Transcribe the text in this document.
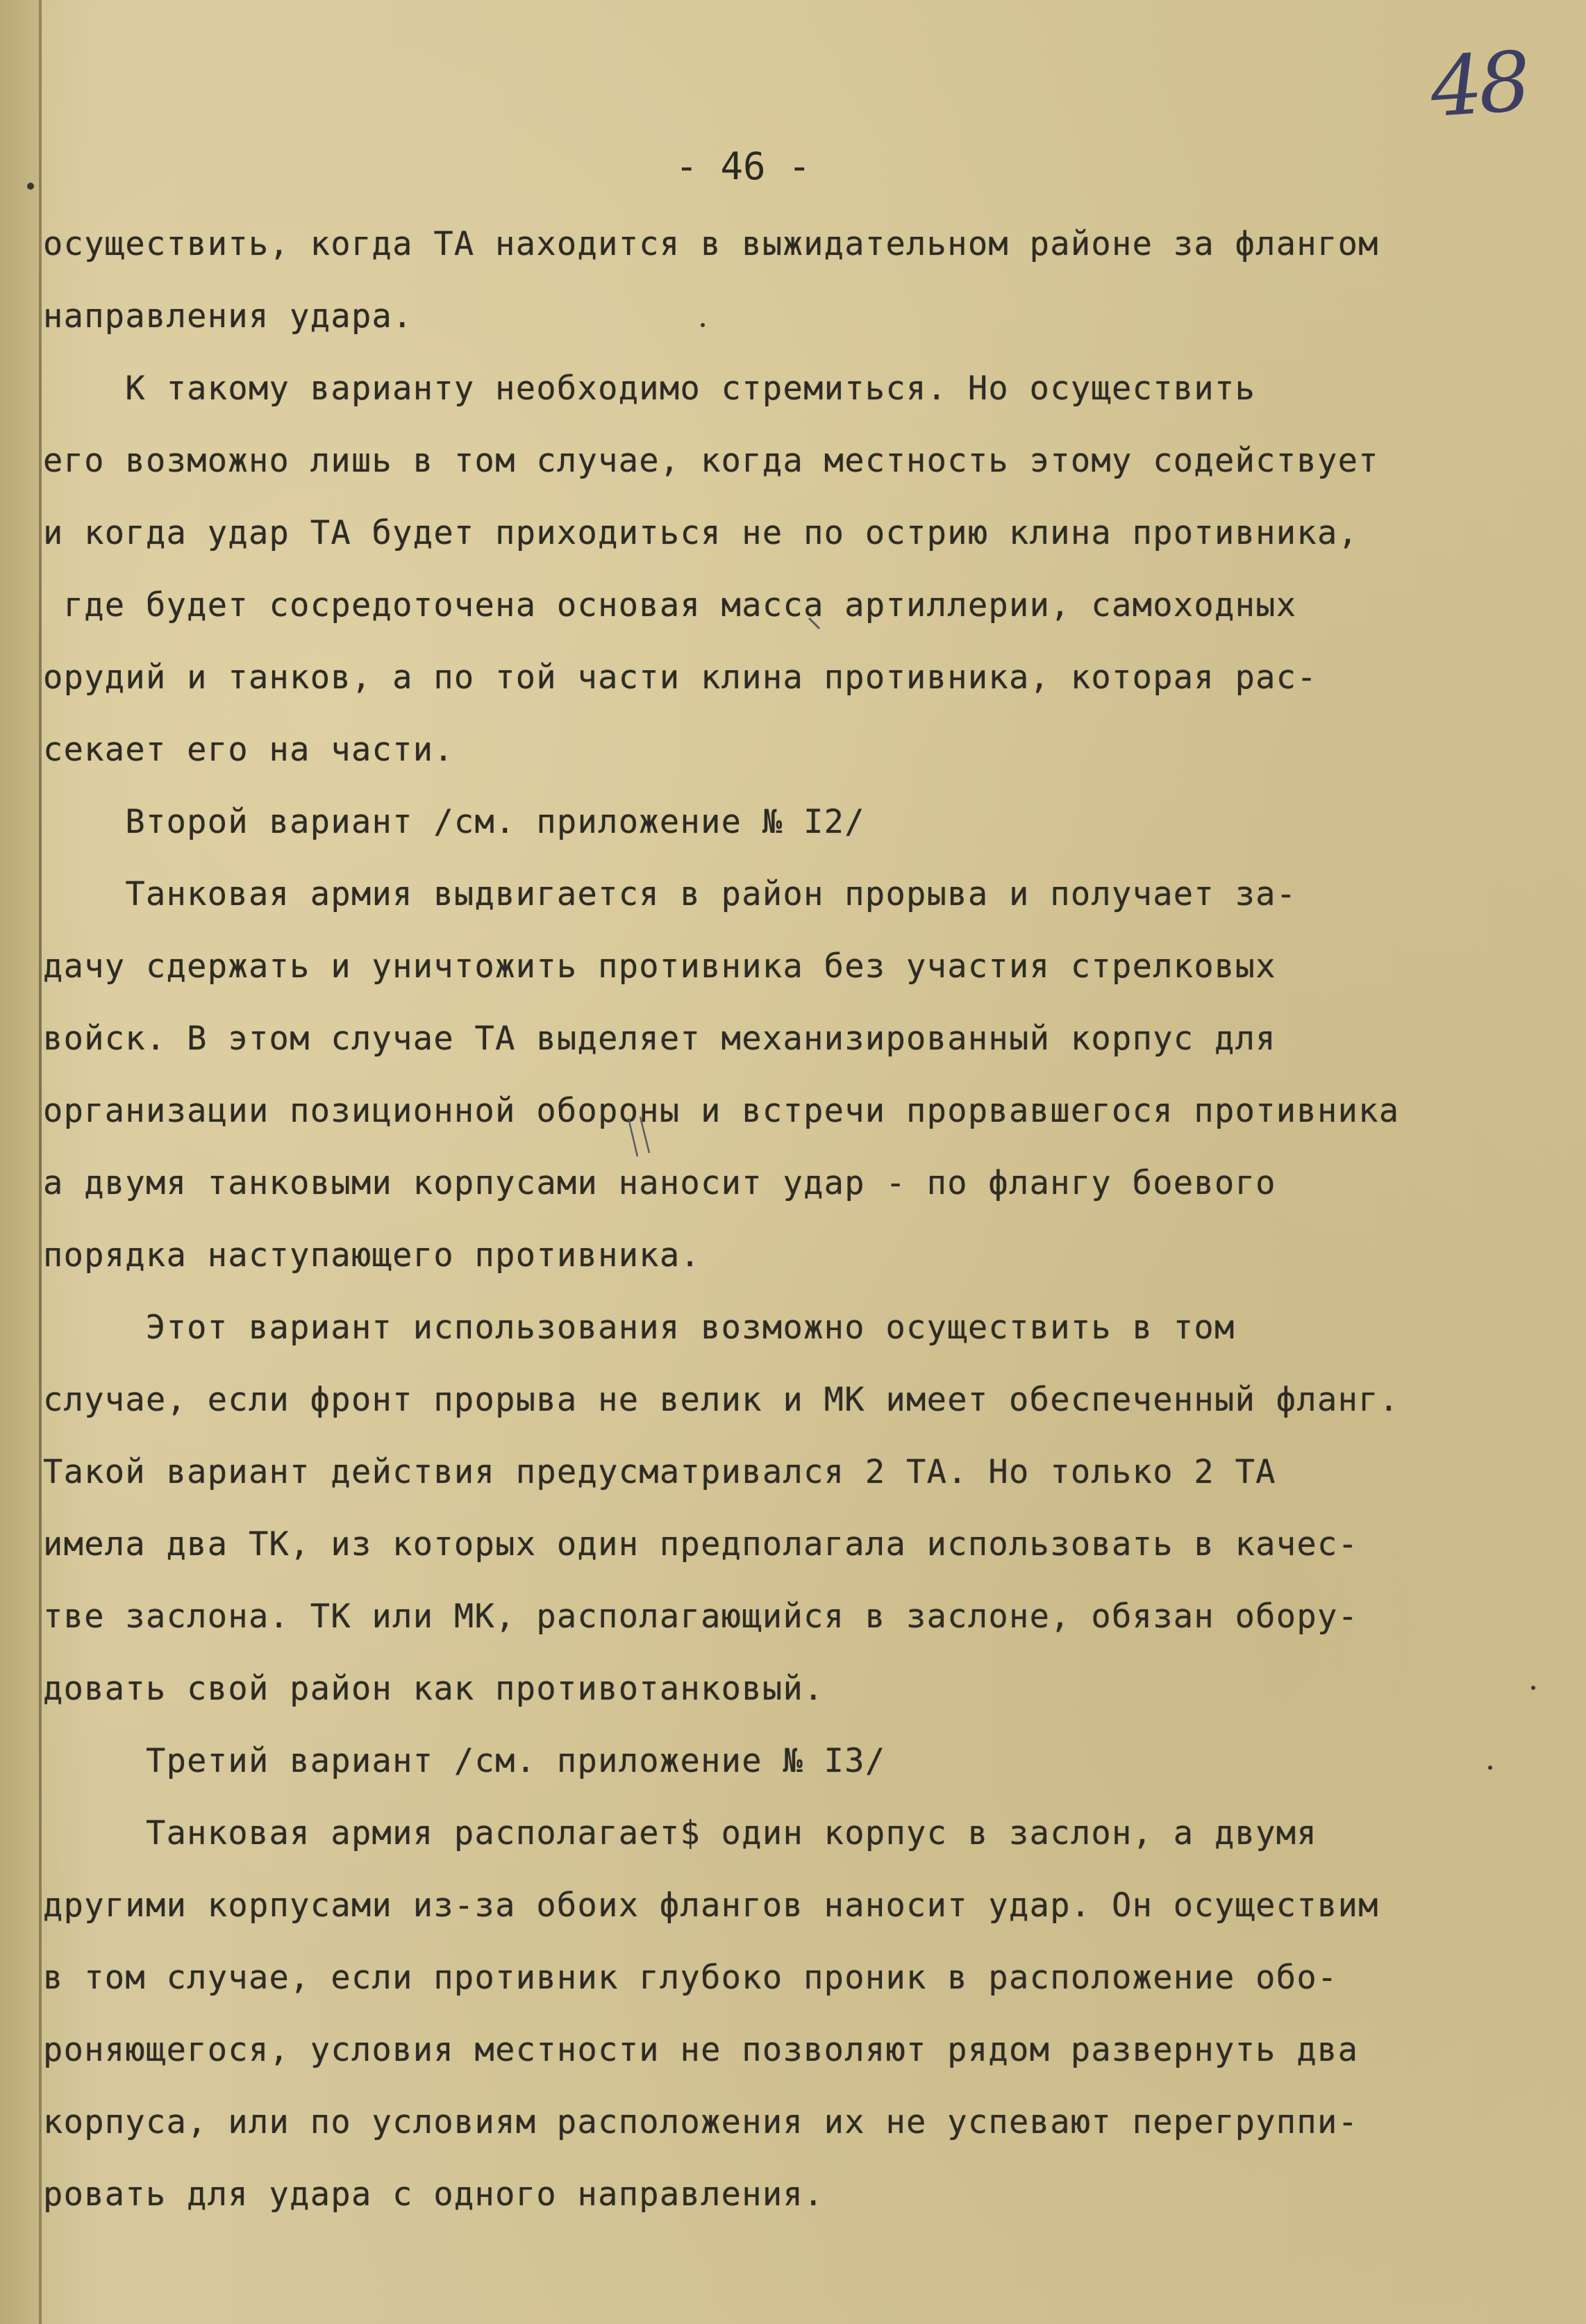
48
- 46 -
осуществить, когда ТА находится в выжидательном районе за флангом
направления удара.
К такому варианту необходимо стремиться. Но осуществить
его возможно лишь в том случае, когда местность этому содействует
и когда удар ТА будет приходиться не по острию клина противника,
где будет сосредоточена основая масса артиллерии, самоходных
орудий и танков, а по той части клина противника, которая рас-
секает его на части.
Второй вариант /см. приложение № I2/
Танковая армия выдвигается в район прорыва и получает за-
дачу сдержать и уничтожить противника без участия стрелковых
войск. В этом случае ТА выделяет механизированный корпус для
организации позиционной обороны и встречи прорвавшегося противника
а двумя танковыми корпусами наносит удар - по флангу боевого
порядка наступающего противника.
Этот вариант использования возможно осуществить в том
случае, если фронт прорыва не велик и МК имеет обеспеченный фланг.
Такой вариант действия предусматривался 2 ТА. Но только 2 ТА
имела два ТК, из которых один предполагала использовать в качес-
тве заслона. ТК или МК, располагающийся в заслоне, обязан обору-
довать свой район как противотанковый.
Третий вариант /см. приложение № I3/
Танковая армия располагает$ один корпус в заслон, а двумя
другими корпусами из-за обоих флангов наносит удар. Он осуществим
в том случае, если противник глубоко проник в расположение обо-
роняющегося, условия местности не позволяют рядом развернуть два
корпуса, или по условиям расположения их не успевают перегруппи-
ровать для удара с одного направления.
